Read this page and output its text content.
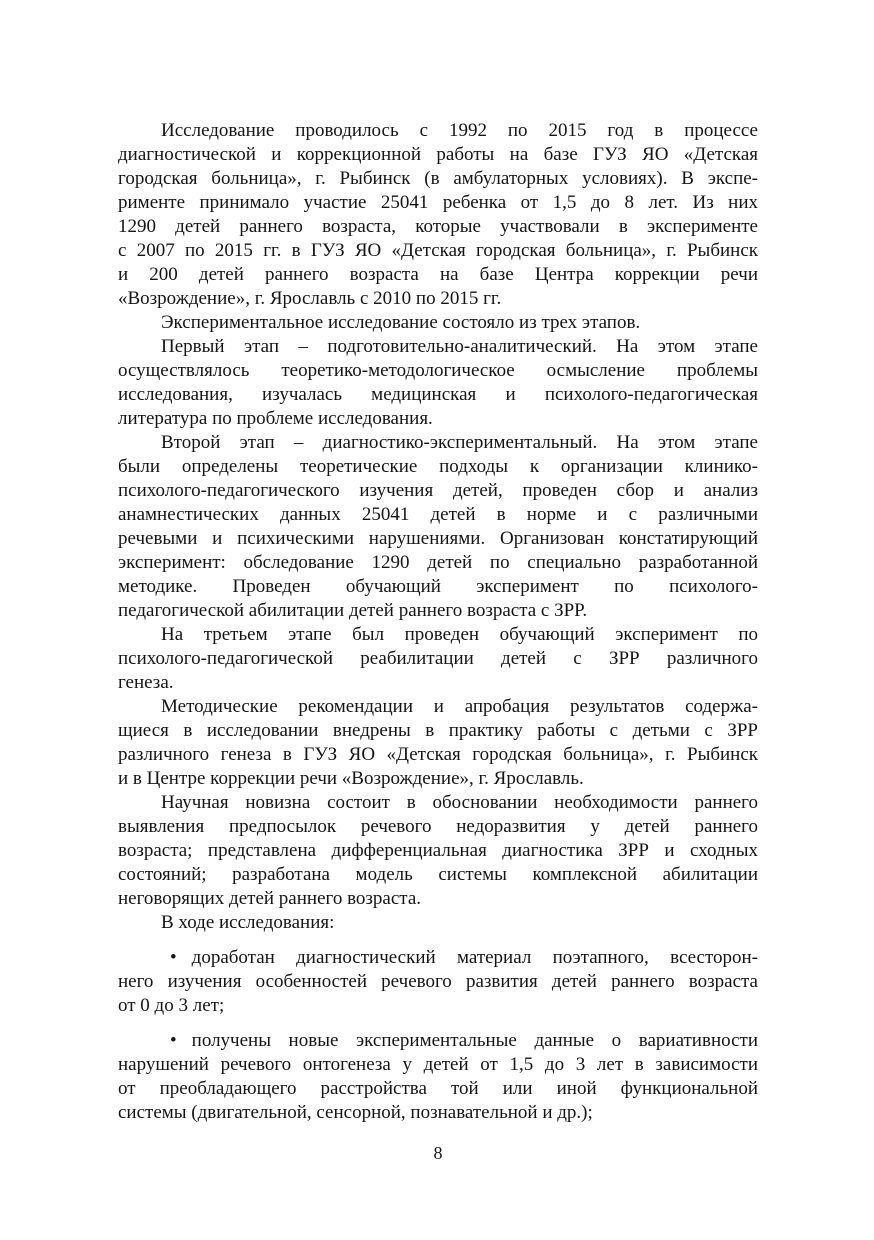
Исследование проводилось с 1992 по 2015 год в процессе
диагностической и коррекционной работы на базе ГУЗ ЯО «Детская
городская больница», г. Рыбинск (в амбулаторных условиях). В экспе-
рименте принимало участие 25041 ребенка от 1,5 до 8 лет. Из них
1290 детей раннего возраста, которые участвовали в эксперименте
с 2007 по 2015 гг. в ГУЗ ЯО «Детская городская больница», г. Рыбинск
и 200 детей раннего возраста на базе Центра коррекции речи
«Возрождение», г. Ярославль с 2010 по 2015 гг.
Экспериментальное исследование состояло из трех этапов.
Первый этап – подготовительно-аналитический. На этом этапе
осуществлялось теоретико-методологическое осмысление проблемы
исследования, изучалась медицинская и психолого-педагогическая
литература по проблеме исследования.
Второй этап – диагностико-экспериментальный. На этом этапе
были определены теоретические подходы к организации клинико-
психолого-педагогического изучения детей, проведен сбор и анализ
анамнестических данных 25041 детей в норме и с различными
речевыми и психическими нарушениями. Организован констатирующий
эксперимент: обследование 1290 детей по специально разработанной
методике. Проведен обучающий эксперимент по психолого-
педагогической абилитации детей раннего возраста с ЗРР.
На третьем этапе был проведен обучающий эксперимент по
психолого-педагогической реабилитации детей с ЗРР различного
генеза.
Методические рекомендации и апробация результатов содержа-
щиеся в исследовании внедрены в практику работы с детьми с ЗРР
различного генеза в ГУЗ ЯО «Детская городская больница», г. Рыбинск
и в Центре коррекции речи «Возрождение», г. Ярославль.
Научная новизна состоит в обосновании необходимости раннего
выявления предпосылок речевого недоразвития у детей раннего
возраста; представлена дифференциальная диагностика ЗРР и сходных
состояний; разработана модель системы комплексной абилитации
неговорящих детей раннего возраста.
В ходе исследования:
• доработан диагностический материал поэтапного, всесторон-
него изучения особенностей речевого развития детей раннего возраста
от 0 до 3 лет;
• получены новые экспериментальные данные о вариативности
нарушений речевого онтогенеза у детей от 1,5 до 3 лет в зависимости
от преобладающего расстройства той или иной функциональной
системы (двигательной, сенсорной, познавательной и др.);
8
